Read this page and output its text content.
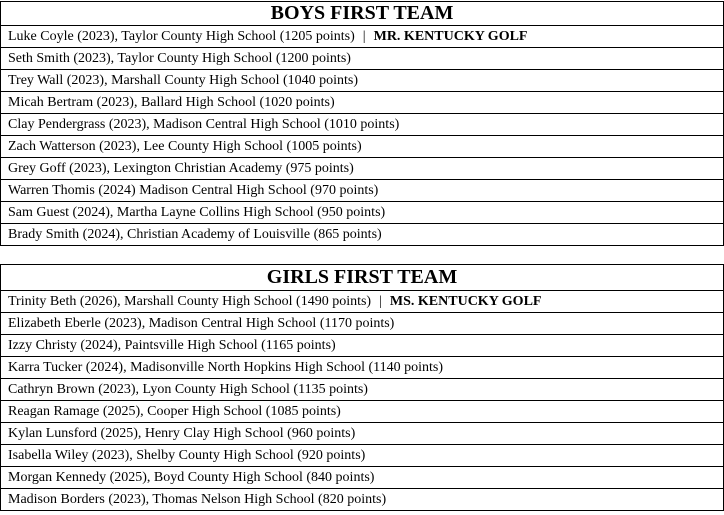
BOYS FIRST TEAM
Luke Coyle (2023), Taylor County High School (1205 points) | MR. KENTUCKY GOLF
Seth Smith (2023), Taylor County High School (1200 points)
Trey Wall (2023), Marshall County High School (1040 points)
Micah Bertram (2023), Ballard High School (1020 points)
Clay Pendergrass (2023), Madison Central High School (1010 points)
Zach Watterson (2023), Lee County High School (1005 points)
Grey Goff (2023), Lexington Christian Academy (975 points)
Warren Thomis (2024) Madison Central High School (970 points)
Sam Guest (2024), Martha Layne Collins High School (950 points)
Brady Smith (2024), Christian Academy of Louisville (865 points)
GIRLS FIRST TEAM
Trinity Beth (2026), Marshall County High School (1490 points) | MS. KENTUCKY GOLF
Elizabeth Eberle (2023), Madison Central High School (1170 points)
Izzy Christy (2024), Paintsville High School (1165 points)
Karra Tucker (2024), Madisonville North Hopkins High School (1140 points)
Cathryn Brown (2023), Lyon County High School (1135 points)
Reagan Ramage (2025), Cooper High School (1085 points)
Kylan Lunsford (2025), Henry Clay High School (960 points)
Isabella Wiley (2023), Shelby County High School (920 points)
Morgan Kennedy (2025), Boyd County High School (840 points)
Madison Borders (2023), Thomas Nelson High School (820 points)
